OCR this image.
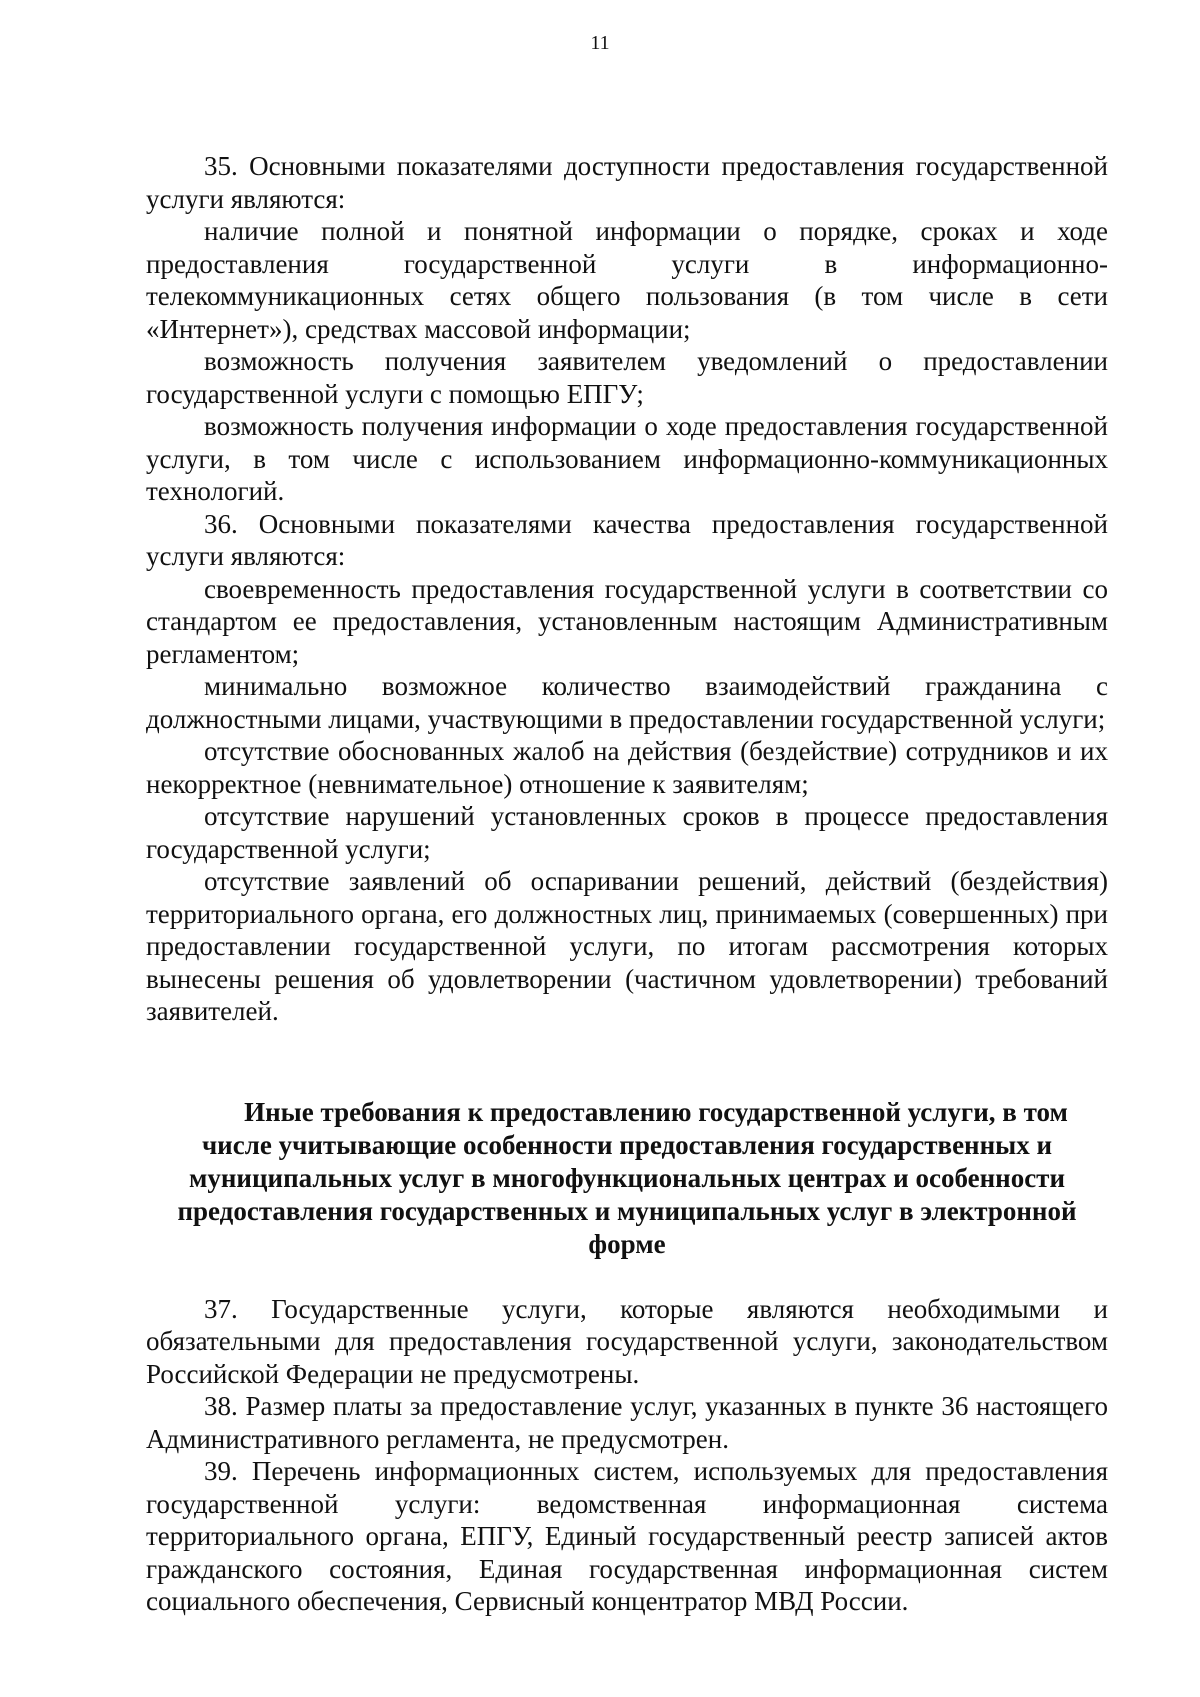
11

35. Основными показателями доступности предоставления государственной услуги являются:

наличие полной и понятной информации о порядке, сроках и ходе предоставления государственной услуги в информационно-телекоммуникационных сетях общего пользования (в том числе в сети «Интернет»), средствах массовой информации;

возможность получения заявителем уведомлений о предоставлении государственной услуги с помощью ЕПГУ;

возможность получения информации о ходе предоставления государственной услуги, в том числе с использованием информационно-коммуникационных технологий.

36. Основными показателями качества предоставления государственной услуги являются:

своевременность предоставления государственной услуги в соответствии со стандартом ее предоставления, установленным настоящим Административным регламентом;

минимально возможное количество взаимодействий гражданина с должностными лицами, участвующими в предоставлении государственной услуги;

отсутствие обоснованных жалоб на действия (бездействие) сотрудников и их некорректное (невнимательное) отношение к заявителям;

отсутствие нарушений установленных сроков в процессе предоставления государственной услуги;

отсутствие заявлений об оспаривании решений, действий (бездействия) территориального органа, его должностных лиц, принимаемых (совершенных) при предоставлении государственной услуги, по итогам рассмотрения которых вынесены решения об удовлетворении (частичном удовлетворении) требований заявителей.

Иные требования к предоставлению государственной услуги, в том числе учитывающие особенности предоставления государственных и муниципальных услуг в многофункциональных центрах и особенности предоставления государственных и муниципальных услуг в электронной форме

37. Государственные услуги, которые являются необходимыми и обязательными для предоставления государственной услуги, законодательством Российской Федерации не предусмотрены.

38. Размер платы за предоставление услуг, указанных в пункте 36 настоящего Административного регламента, не предусмотрен.

39. Перечень информационных систем, используемых для предоставления государственной услуги: ведомственная информационная система территориального органа, ЕПГУ, Единый государственный реестр записей актов гражданского состояния, Единая государственная информационная систем социального обеспечения, Сервисный концентратор МВД России.
